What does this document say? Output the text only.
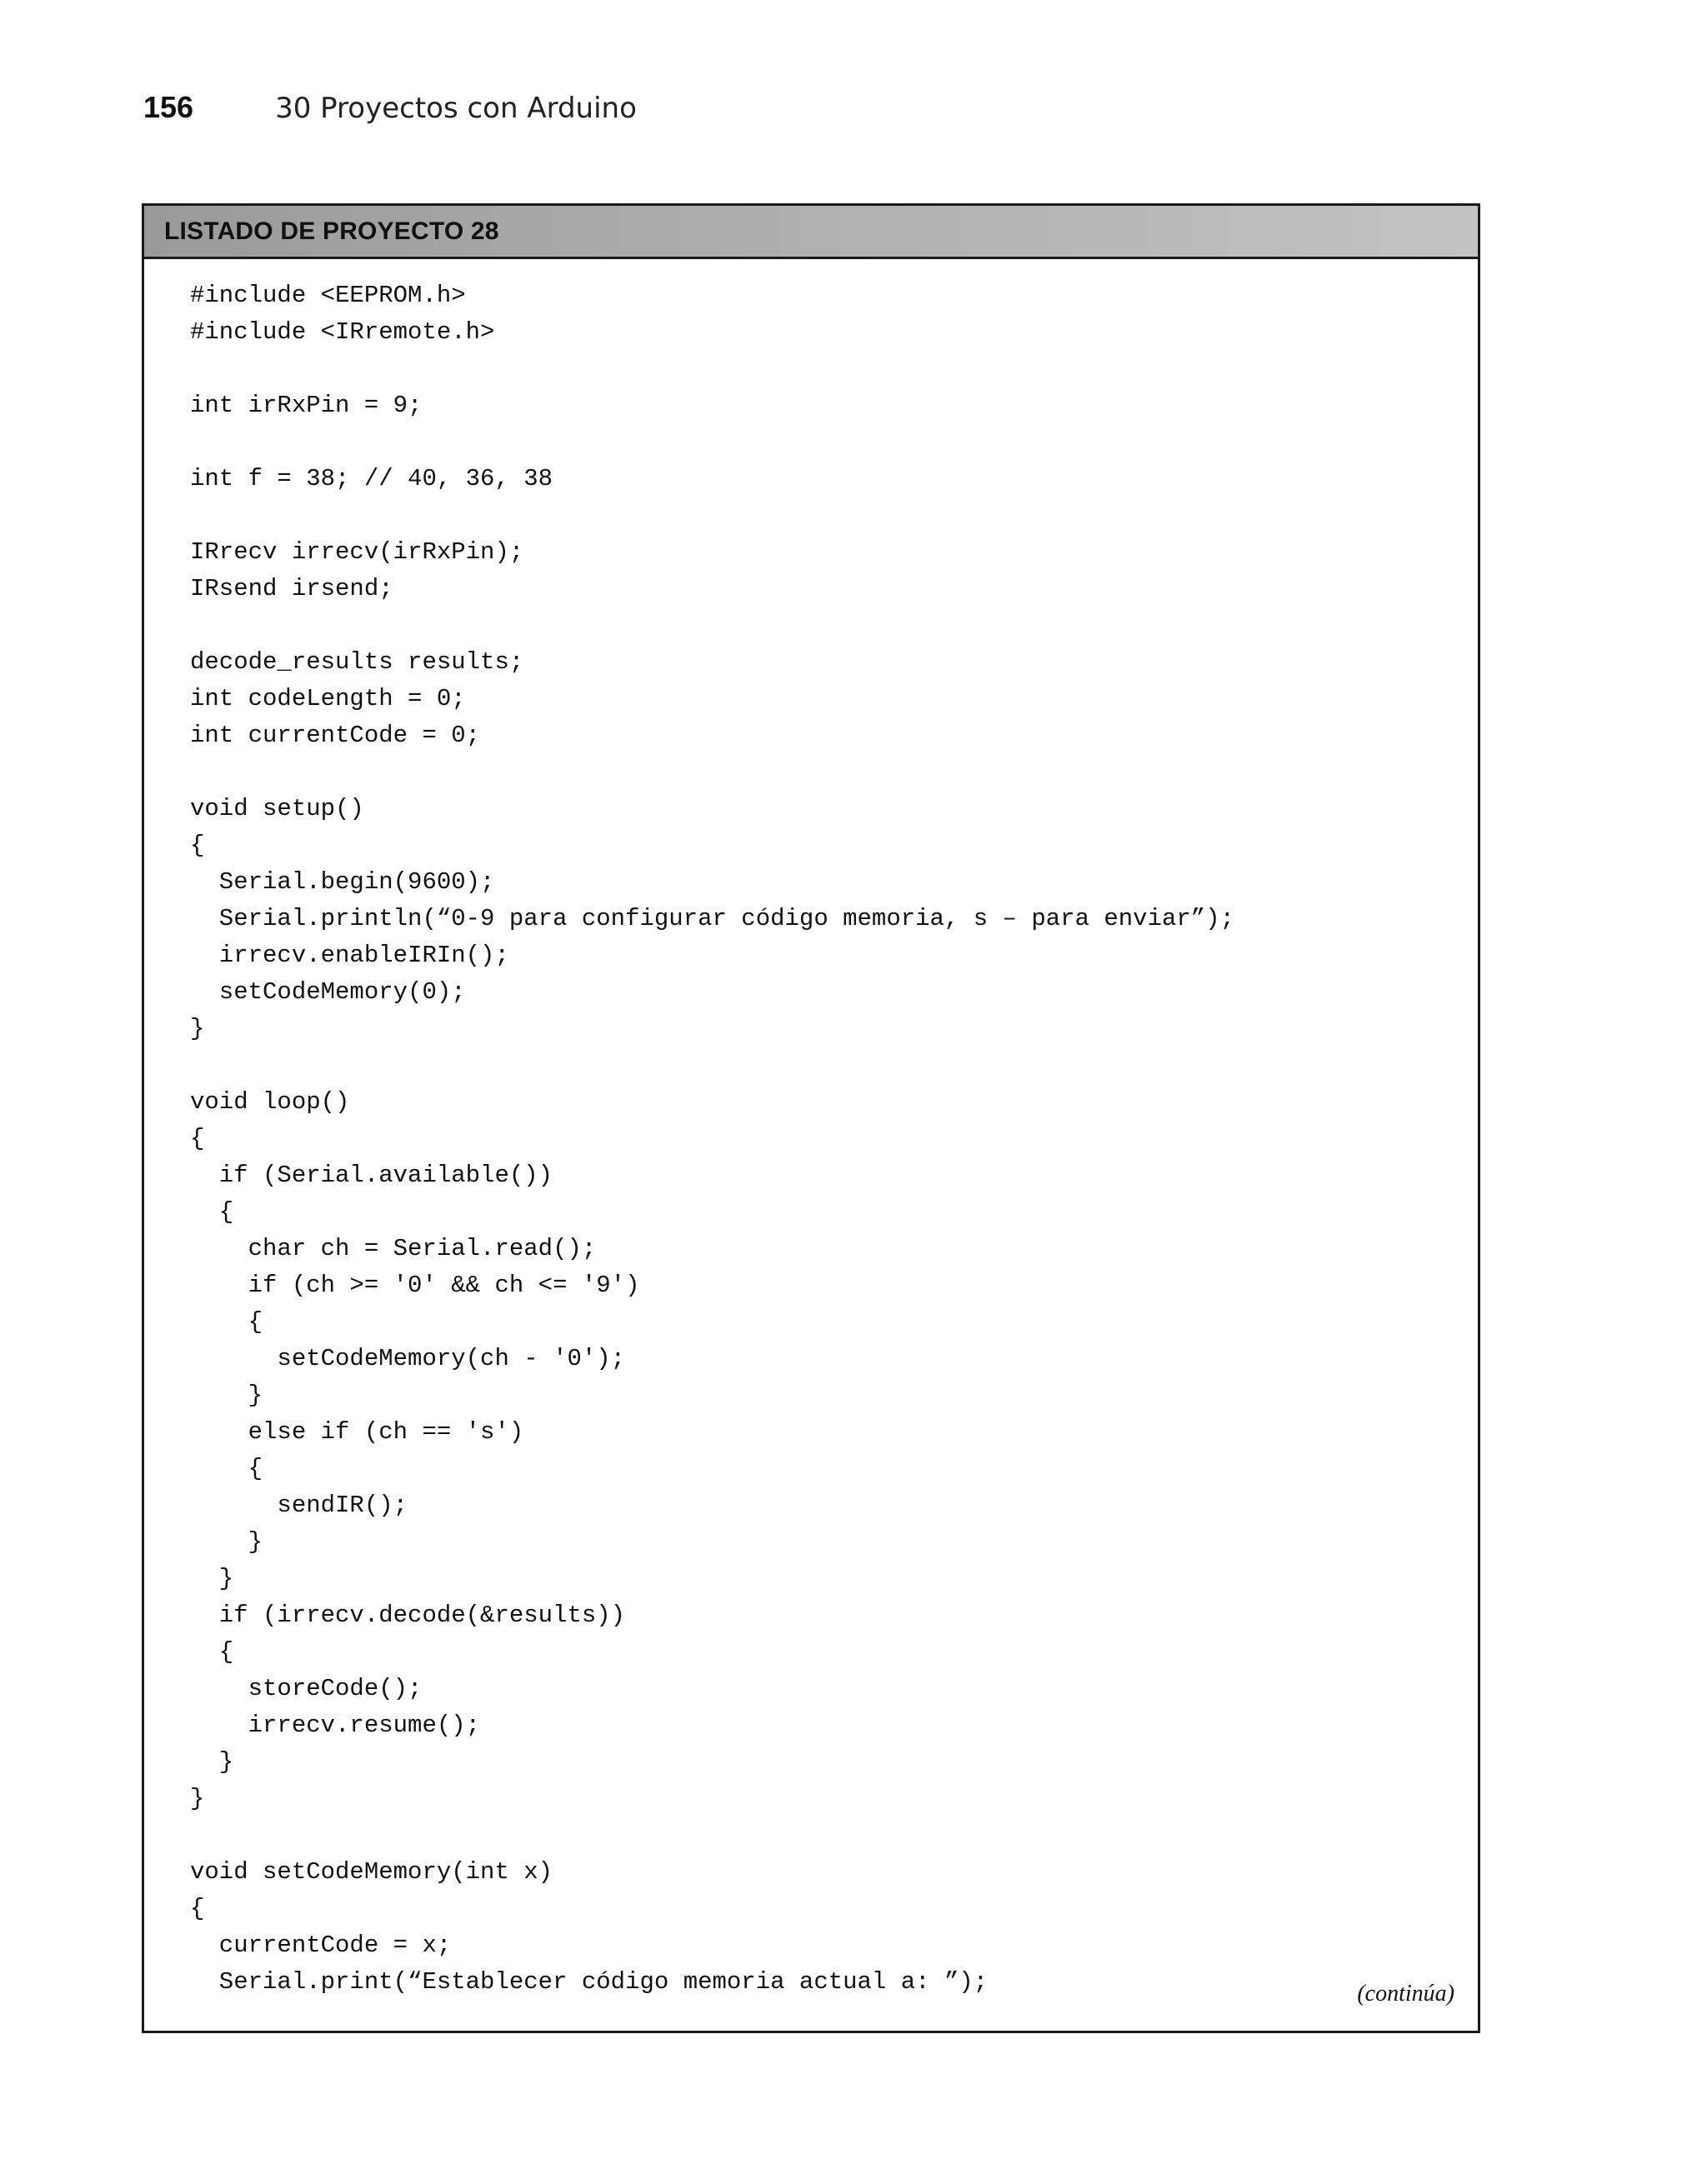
156	30 Proyectos con Arduino
LISTADO DE PROYECTO 28
#include <EEPROM.h>
#include <IRremote.h>
int irRxPin = 9;
int f = 38; // 40, 36, 38
IRrecv irrecv(irRxPin);
IRsend irsend;
decode_results results;
int codeLength = 0;
int currentCode = 0;
void setup()
{
Serial.begin(9600);
Serial.println(“0-9 para configurar código memoria, s – para enviar”);
irrecv.enableIRIn();
setCodeMemory(0);
}
void loop()
{
if (Serial.available())
{
char ch = Serial.read();
if (ch >= '0' && ch <= '9')
{
setCodeMemory(ch - '0');
}
else if (ch == 's')
{
sendIR();
}
}
if (irrecv.decode(&results))
{
storeCode();
irrecv.resume();
}
}
void setCodeMemory(int x)
{
currentCode = x;
Serial.print(“Establecer código memoria actual a: ”);	(continúa)
